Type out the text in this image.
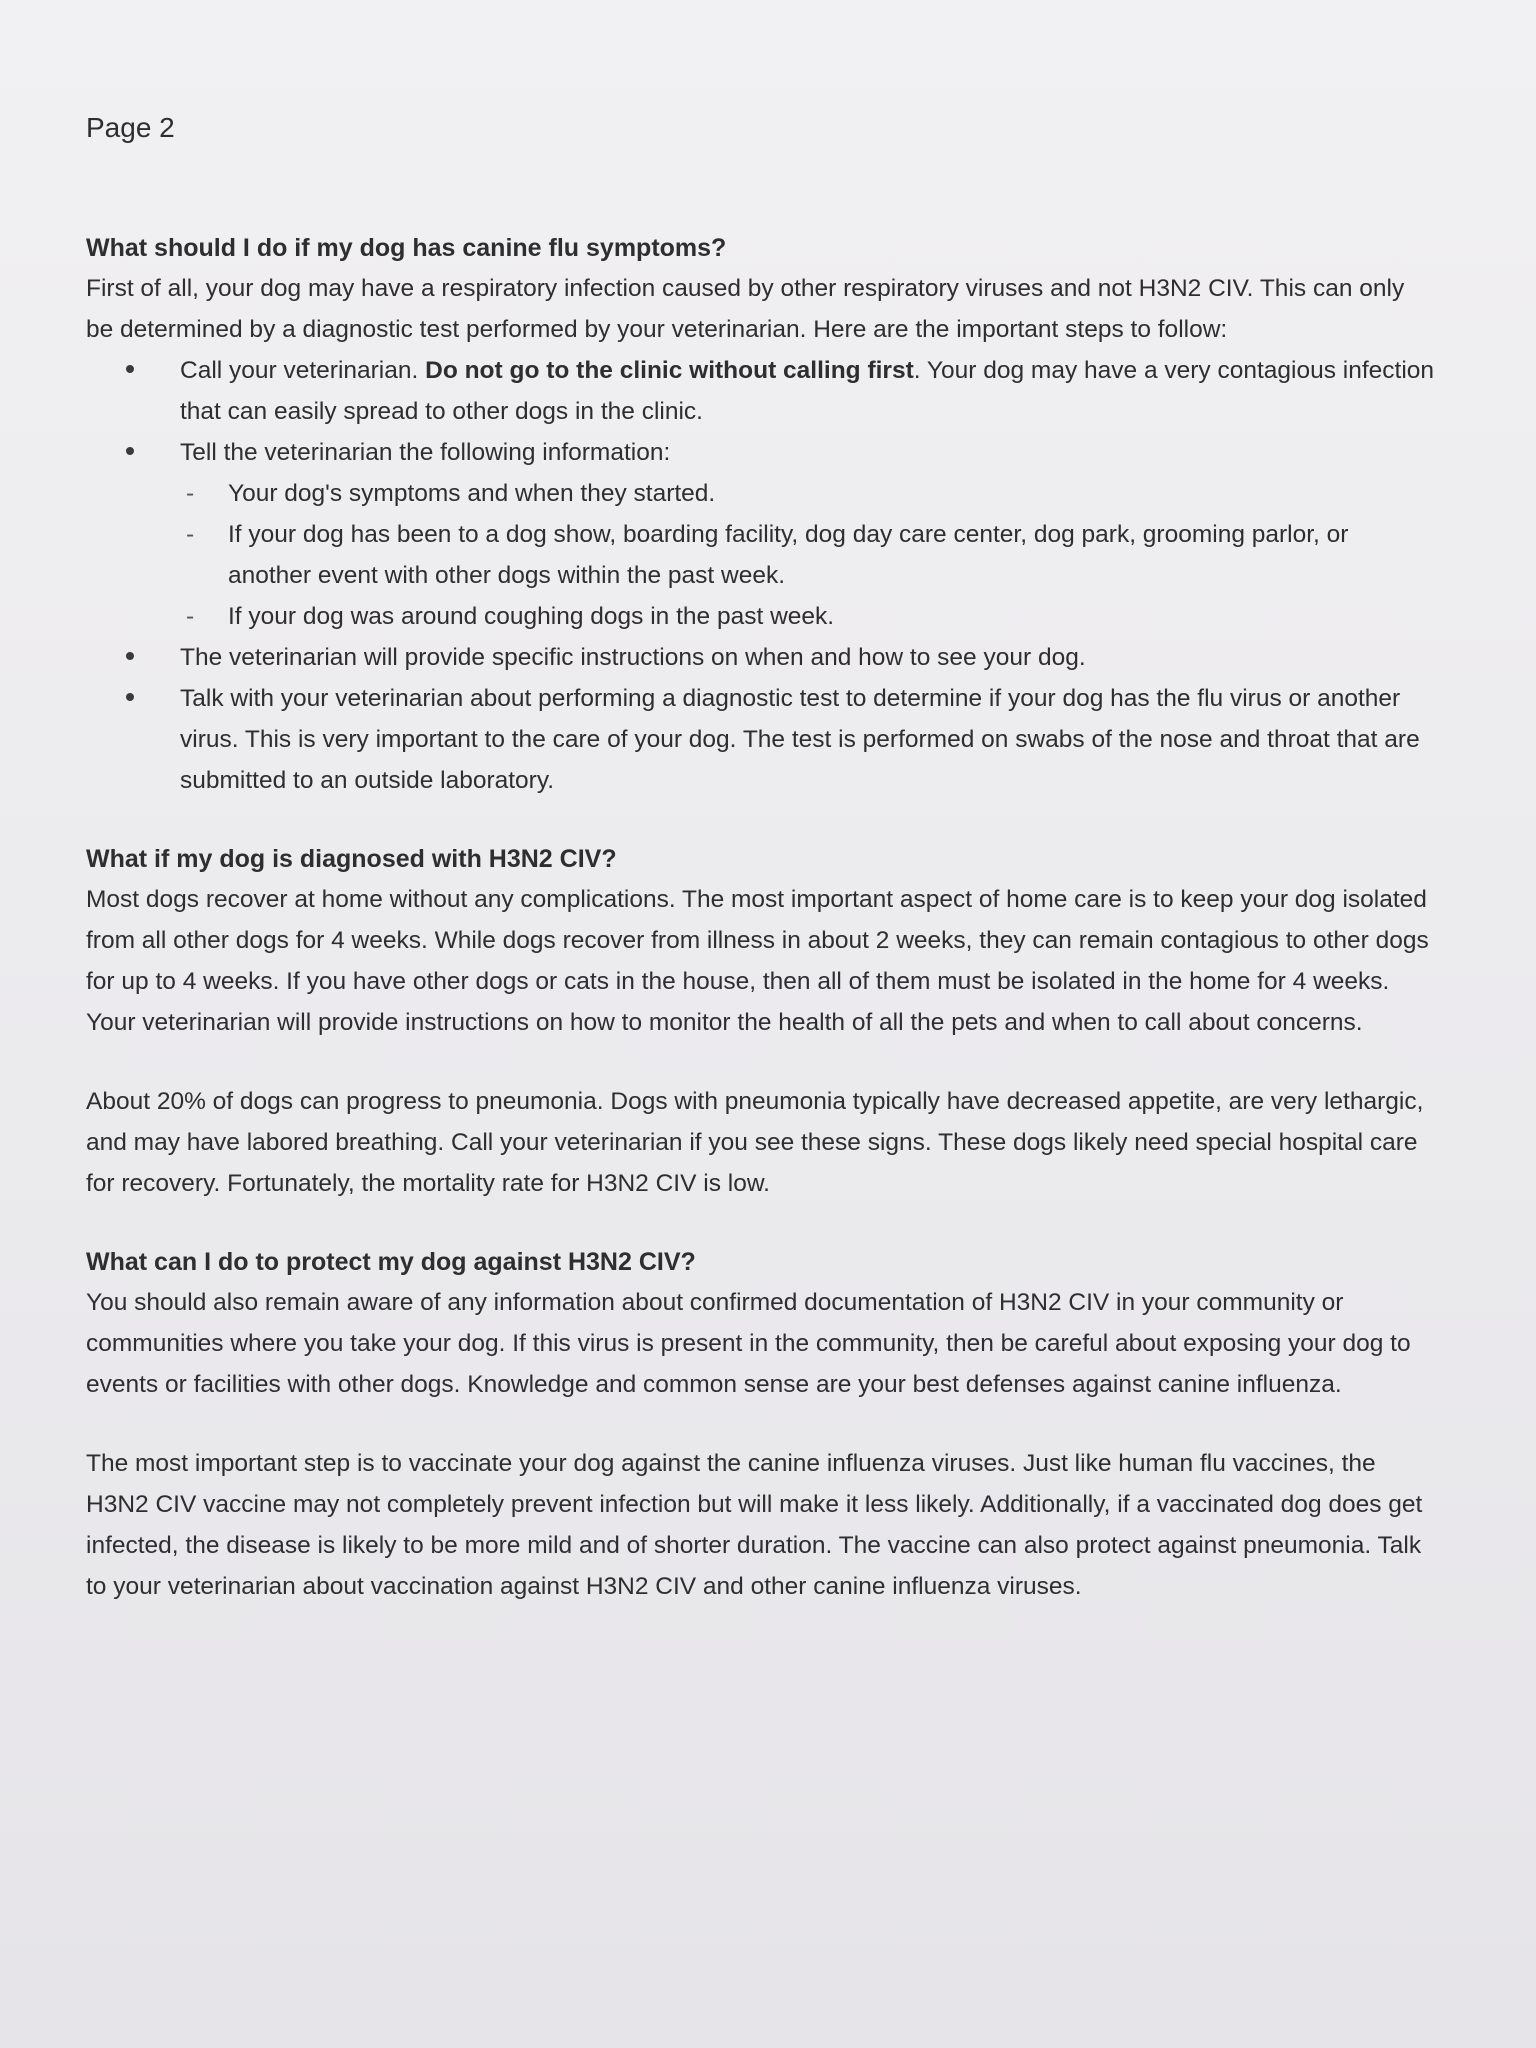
Page 2

What should I do if my dog has canine flu symptoms?

First of all, your dog may have a respiratory infection caused by other respiratory viruses and not H3N2 CIV. This can only be determined by a diagnostic test performed by your veterinarian. Here are the important steps to follow:

Call your veterinarian. Do not go to the clinic without calling first. Your dog may have a very contagious infection that can easily spread to other dogs in the clinic.
Tell the veterinarian the following information:
- Your dog's symptoms and when they started.
- If your dog has been to a dog show, boarding facility, dog day care center, dog park, grooming parlor, or another event with other dogs within the past week.
- If your dog was around coughing dogs in the past week.
The veterinarian will provide specific instructions on when and how to see your dog.
Talk with your veterinarian about performing a diagnostic test to determine if your dog has the flu virus or another virus. This is very important to the care of your dog. The test is performed on swabs of the nose and throat that are submitted to an outside laboratory.

What if my dog is diagnosed with H3N2 CIV?

Most dogs recover at home without any complications. The most important aspect of home care is to keep your dog isolated from all other dogs for 4 weeks. While dogs recover from illness in about 2 weeks, they can remain contagious to other dogs for up to 4 weeks. If you have other dogs or cats in the house, then all of them must be isolated in the home for 4 weeks. Your veterinarian will provide instructions on how to monitor the health of all the pets and when to call about concerns.

About 20% of dogs can progress to pneumonia. Dogs with pneumonia typically have decreased appetite, are very lethargic, and may have labored breathing. Call your veterinarian if you see these signs. These dogs likely need special hospital care for recovery. Fortunately, the mortality rate for H3N2 CIV is low.

What can I do to protect my dog against H3N2 CIV?

You should also remain aware of any information about confirmed documentation of H3N2 CIV in your community or communities where you take your dog. If this virus is present in the community, then be careful about exposing your dog to events or facilities with other dogs. Knowledge and common sense are your best defenses against canine influenza.

The most important step is to vaccinate your dog against the canine influenza viruses. Just like human flu vaccines, the H3N2 CIV vaccine may not completely prevent infection but will make it less likely. Additionally, if a vaccinated dog does get infected, the disease is likely to be more mild and of shorter duration. The vaccine can also protect against pneumonia. Talk to your veterinarian about vaccination against H3N2 CIV and other canine influenza viruses.
